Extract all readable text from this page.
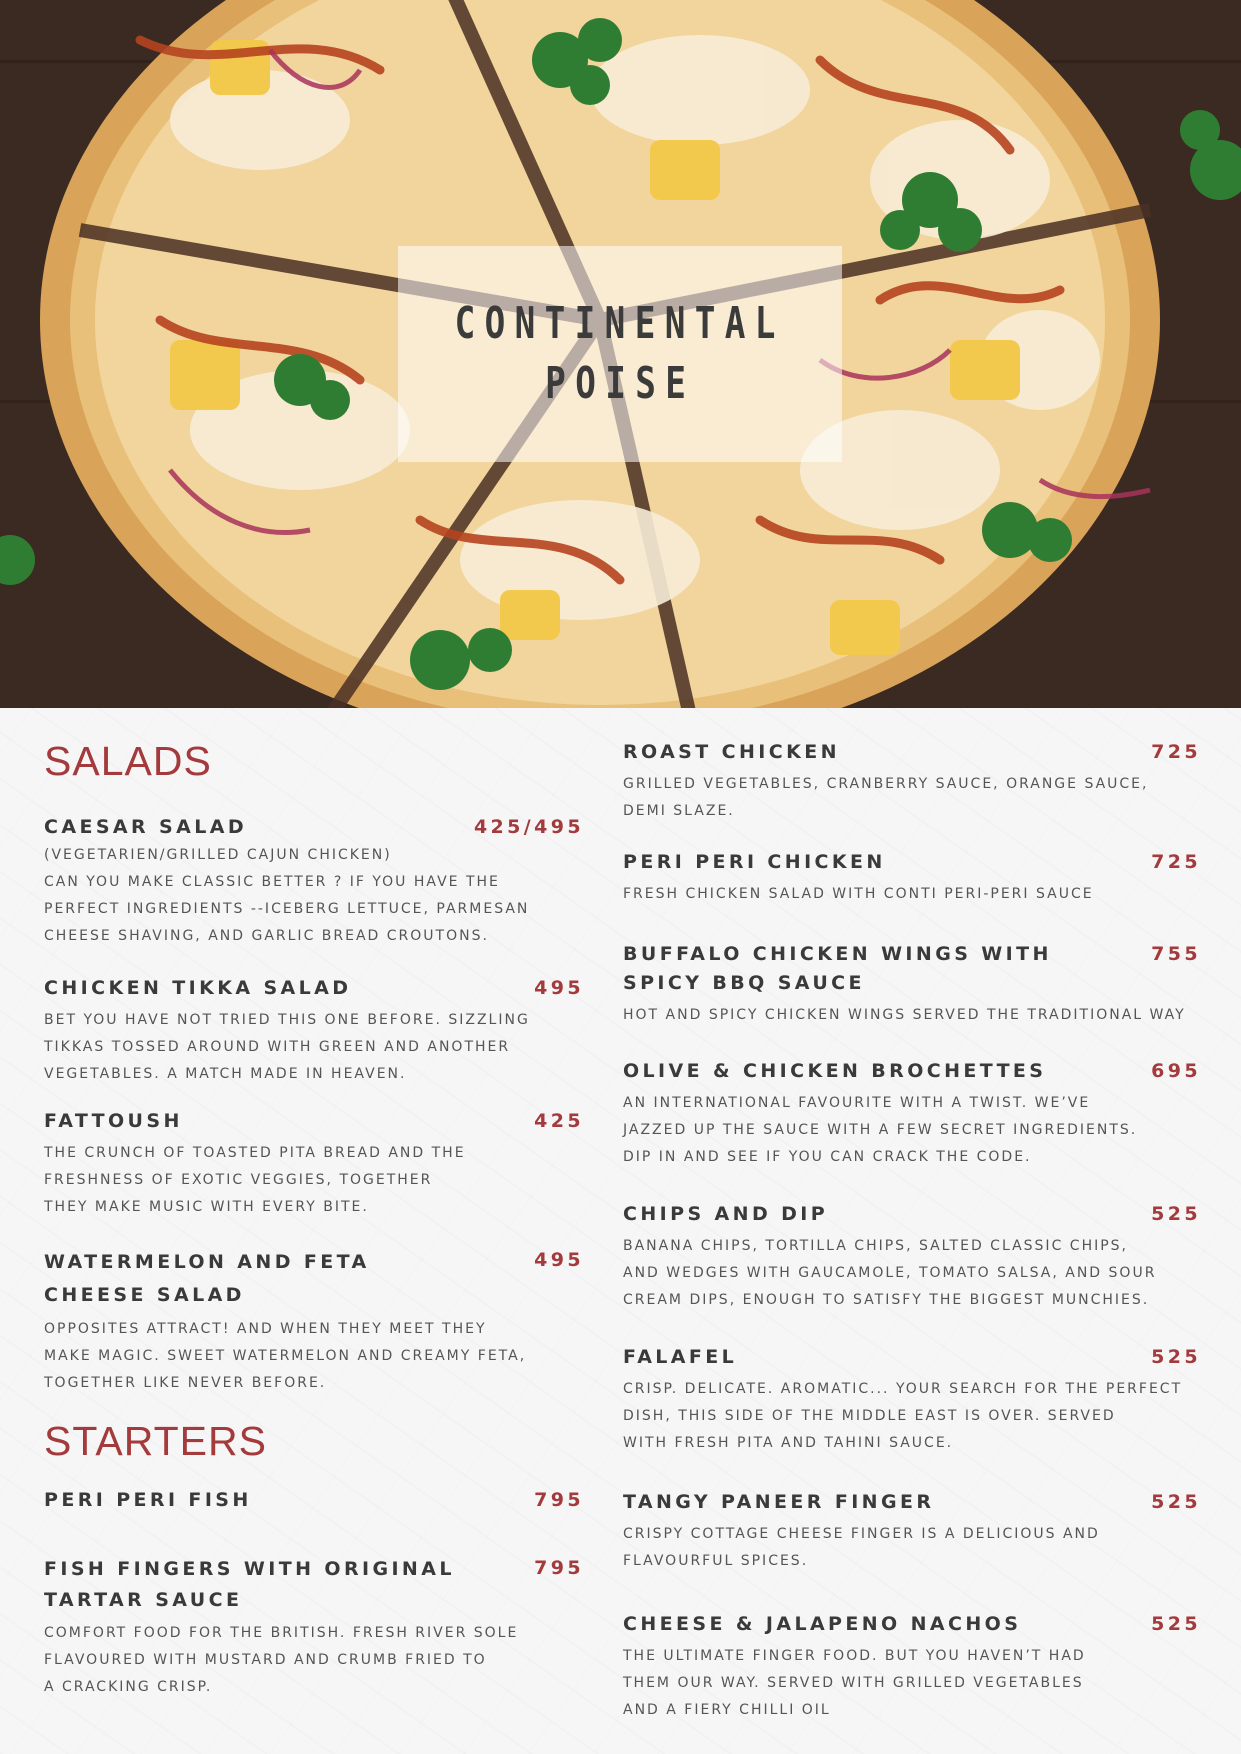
CONTINENTAL
POISE
SALADS
CAESAR SALAD	425/495
(VEGETARIEN/GRILLED CAJUN CHICKEN)
CAN YOU MAKE CLASSIC BETTER ? IF YOU HAVE THE
PERFECT INGREDIENTS --ICEBERG LETTUCE, PARMESAN
CHEESE SHAVING, AND GARLIC BREAD CROUTONS.
CHICKEN TIKKA SALAD	495
BET YOU HAVE NOT TRIED THIS ONE BEFORE. SIZZLING
TIKKAS TOSSED AROUND WITH GREEN AND ANOTHER
VEGETABLES. A MATCH MADE IN HEAVEN.
FATTOUSH	425
THE CRUNCH OF TOASTED PITA BREAD AND THE
FRESHNESS OF EXOTIC VEGGIES, TOGETHER
THEY MAKE MUSIC WITH EVERY BITE.
WATERMELON AND FETA
CHEESE SALAD
495
OPPOSITES ATTRACT! AND WHEN THEY MEET THEY
MAKE MAGIC. SWEET WATERMELON AND CREAMY FETA,
TOGETHER LIKE NEVER BEFORE.
STARTERS
PERI PERI FISH	795
FISH FINGERS WITH ORIGINAL
TARTAR SAUCE
795
COMFORT FOOD FOR THE BRITISH. FRESH RIVER SOLE
FLAVOURED WITH MUSTARD AND CRUMB FRIED TO
A CRACKING CRISP.
ROAST CHICKEN	725
GRILLED VEGETABLES, CRANBERRY SAUCE, ORANGE SAUCE,
DEMI SLAZE.
PERI PERI CHICKEN	725
FRESH CHICKEN SALAD WITH CONTI PERI-PERI SAUCE
BUFFALO CHICKEN WINGS WITH
SPICY BBQ SAUCE
755
HOT AND SPICY CHICKEN WINGS SERVED THE TRADITIONAL WAY
OLIVE & CHICKEN BROCHETTES	695
AN INTERNATIONAL FAVOURITE WITH A TWIST. WE’VE
JAZZED UP THE SAUCE WITH A FEW SECRET INGREDIENTS.
DIP IN AND SEE IF YOU CAN CRACK THE CODE.
CHIPS AND DIP	525
BANANA CHIPS, TORTILLA CHIPS, SALTED CLASSIC CHIPS,
AND WEDGES WITH GAUCAMOLE, TOMATO SALSA, AND SOUR
CREAM DIPS, ENOUGH TO SATISFY THE BIGGEST MUNCHIES.
FALAFEL	525
CRISP. DELICATE. AROMATIC... YOUR SEARCH FOR THE PERFECT
DISH, THIS SIDE OF THE MIDDLE EAST IS OVER. SERVED
WITH FRESH PITA AND TAHINI SAUCE.
TANGY PANEER FINGER	525
CRISPY COTTAGE CHEESE FINGER IS A DELICIOUS AND
FLAVOURFUL SPICES.
CHEESE & JALAPENO NACHOS	525
THE ULTIMATE FINGER FOOD. BUT YOU HAVEN’T HAD
THEM OUR WAY. SERVED WITH GRILLED VEGETABLES
AND A FIERY CHILLI OIL
